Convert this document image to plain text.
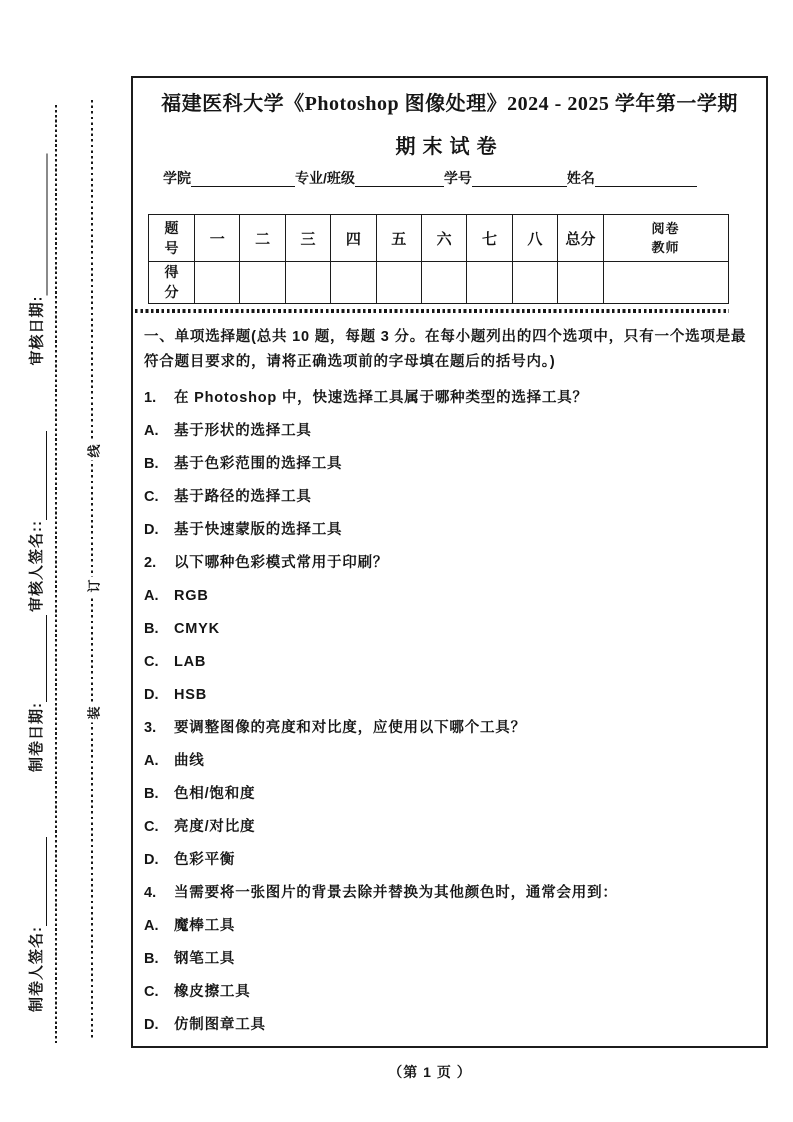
审核日期:
审核人签名::
制卷日期:
制卷人签名:
线
订
装
福建医科大学《Photoshop 图像处理》2024 - 2025 学年第一学期
期末试卷
学院	专业/班级	学号	姓名
题号	一	二	三	四	五	六	七	八	总分	阅卷教师
得分										

一、单项选择题(总共 10 题，每题 3 分。在每小题列出的四个选项中，只有一个选项是最符合题目要求的，请将正确选项前的字母填在题后的括号内。)

1. 在 Photoshop 中，快速选择工具属于哪种类型的选择工具？
A. 基于形状的选择工具
B. 基于色彩范围的选择工具
C. 基于路径的选择工具
D. 基于快速蒙版的选择工具
2. 以下哪种色彩模式常用于印刷？
A. RGB
B. CMYK
C. LAB
D. HSB
3. 要调整图像的亮度和对比度，应使用以下哪个工具？
A. 曲线
B. 色相/饱和度
C. 亮度/对比度
D. 色彩平衡
4. 当需要将一张图片的背景去除并替换为其他颜色时，通常会用到：
A. 魔棒工具
B. 钢笔工具
C. 橡皮擦工具
D. 仿制图章工具
（第 1 页 ）
